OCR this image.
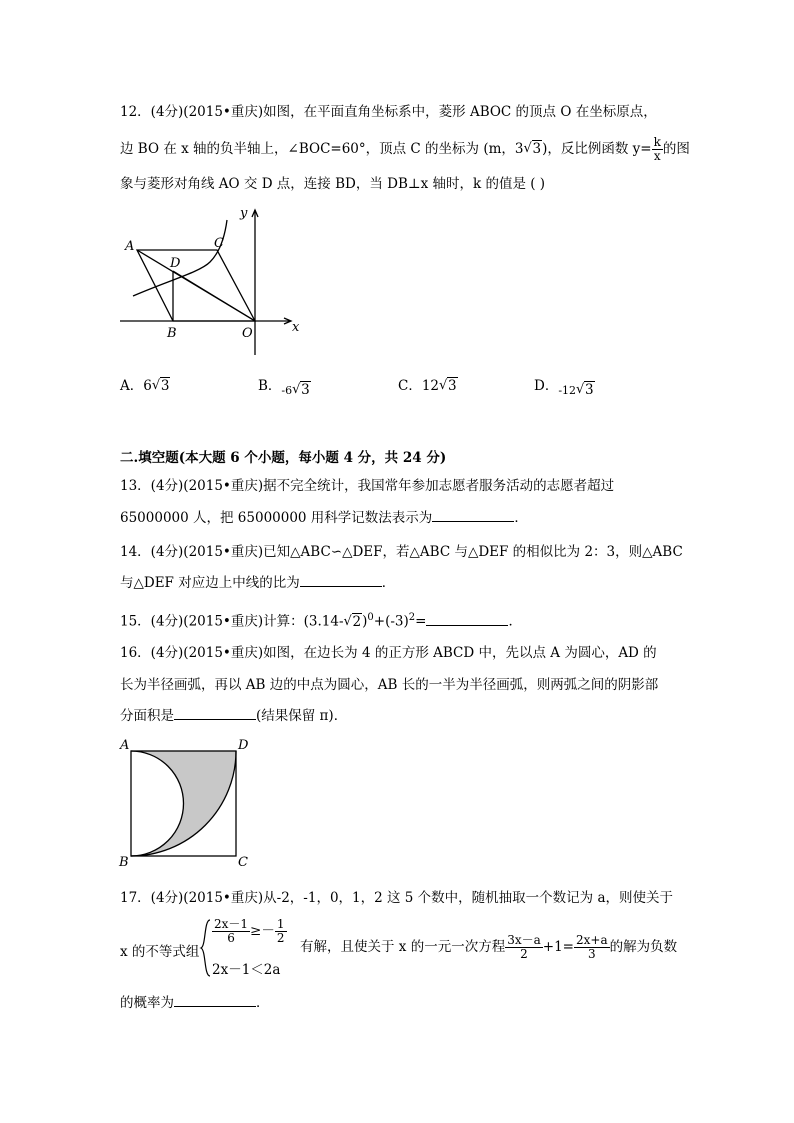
12．(4分)(2015•重庆)如图，在平面直角坐标系中，菱形 ABOC 的顶点 O 在坐标原点，
边 BO 在 x 轴的负半轴上，∠BOC=60°，顶点 C 的坐标为 (m，3 √ 3)，反比例函数 $y= \frac{k}{x}$ 的图
象与菱形对角线 AO 交 D 点，连接 BD，当 DB⊥x 轴时，k 的值是 ( )
A	C
D
B	O	x
y
A．6 √ 3	B．$_{-6}$ √ 3	C．12 √ 3	D．$_{-12}$ √ 3
二.填空题(本大题 6 个小题，每小题 4 分，共 24 分)
13．(4分)(2015•重庆)据不完全统计，我国常年参加志愿者服务活动的志愿者超过
65000000 人，把 65000000 用科学记数法表示为	．
14．(4分)(2015•重庆)已知△ABC∽△DEF，若△ABC 与△DEF 的相似比为 2：3，则△ABC
与△DEF 对应边上中线的比为	．
15．(4分)(2015•重庆)计算：(3.14- √ $2)^0+(-3)^2=$	．
16．(4分)(2015•重庆)如图，在边长为 4 的正方形 ABCD 中，先以点 A 为圆心，AD 的
长为半径画弧，再以 AB 边的中点为圆心，AB 长的一半为半径画弧，则两弧之间的阴影部
分面积是	(结果保留 π)．
A	D
B	C
17．(4分)(2015•重庆)从-2，-1，0，1，2 这 5 个数中，随机抽取一个数记为 a，则使关于
x 的不等式组
$\frac{2x-1}{6} \ge- \frac{1}{2}$
2x－1＜2a
有解，且使关于 x 的一元一次方程 $\frac{3x-a}{2} +1= \frac{2x+a}{3}$ 的解为负数
的概率为	．
